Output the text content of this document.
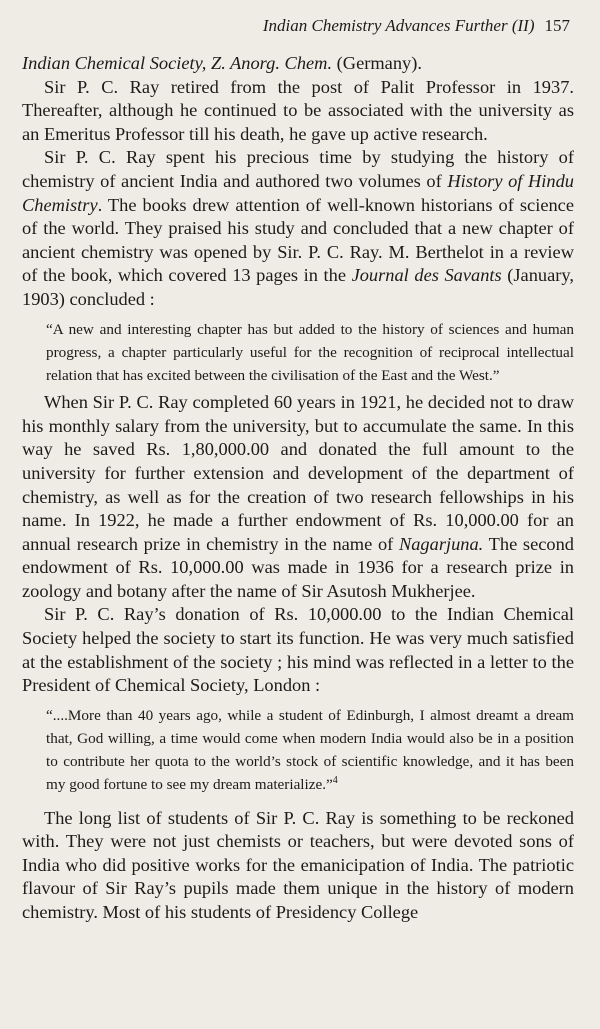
Indian Chemistry Advances Further (II) 157

Indian Chemical Society, Z. Anorg. Chem. (Germany).

Sir P. C. Ray retired from the post of Palit Professor in 1937. Thereafter, although he continued to be associated with the university as an Emeritus Professor till his death, he gave up active research.

Sir P. C. Ray spent his precious time by studying the history of chemistry of ancient India and authored two volumes of History of Hindu Chemistry. The books drew attention of well-known historians of science of the world. They praised his study and concluded that a new chapter of ancient chemistry was opened by Sir. P. C. Ray. M. Berthelot in a review of the book, which covered 13 pages in the Journal des Savants (January, 1903) concluded :

“A new and interesting chapter has but added to the history of sciences and human progress, a chapter particularly useful for the recognition of reciprocal intellectual relation that has excited between the civilisation of the East and the West.”

When Sir P. C. Ray completed 60 years in 1921, he decided not to draw his monthly salary from the university, but to accumulate the same. In this way he saved Rs. 1,80,000.00 and donated the full amount to the university for further extension and development of the department of chemistry, as well as for the creation of two research fellowships in his name. In 1922, he made a further endowment of Rs. 10,000.00 for an annual research prize in chemistry in the name of Nagarjuna. The second endowment of Rs. 10,000.00 was made in 1936 for a research prize in zoology and botany after the name of Sir Asutosh Mukherjee.

Sir P. C. Ray’s donation of Rs. 10,000.00 to the Indian Chemical Society helped the society to start its function. He was very much satisfied at the establishment of the society ; his mind was reflected in a letter to the President of Chemical Society, London :

“....More than 40 years ago, while a student of Edinburgh, I almost dreamt a dream that, God willing, a time would come when modern India would also be in a position to contribute her quota to the world’s stock of scientific knowledge, and it has been my good fortune to see my dream materialize.”$^4$

The long list of students of Sir P. C. Ray is something to be reckoned with. They were not just chemists or teachers, but were devoted sons of India who did positive works for the emanicipation of India. The patriotic flavour of Sir Ray’s pupils made them unique in the history of modern chemistry. Most of his students of Presidency College
